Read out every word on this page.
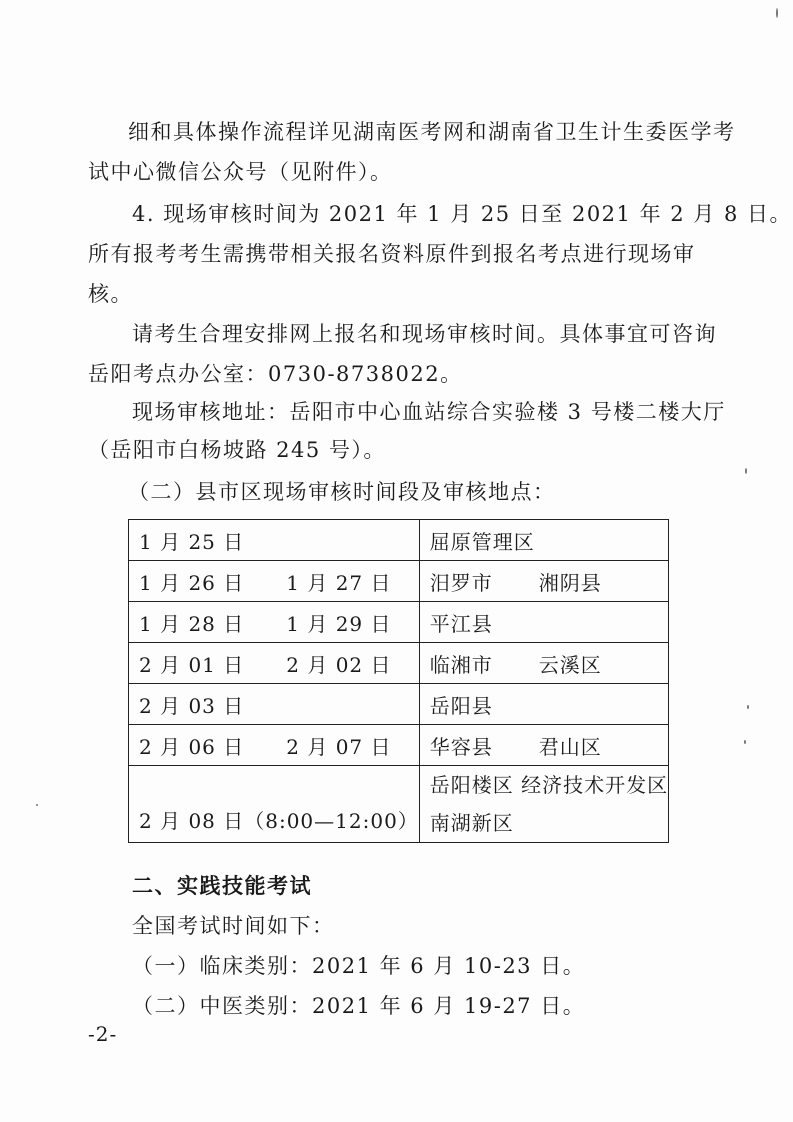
细和具体操作流程详见湖南医考网和湖南省卫生计生委医学考
试中心微信公众号（见附件）。
4. 现场审核时间为 2021 年 1 月 25 日至 2021 年 2 月 8 日。
所有报考考生需携带相关报名资料原件到报名考点进行现场审
核。
请考生合理安排网上报名和现场审核时间。具体事宜可咨询
岳阳考点办公室：0730-8738022。
现场审核地址：岳阳市中心血站综合实验楼 3 号楼二楼大厅
（岳阳市白杨坡路 245 号）。
（二）县市区现场审核时间段及审核地点：
1 月 25 日	屈原管理区
1 月 26 日 1 月 27 日	汨罗市 湘阴县
1 月 28 日 1 月 29 日	平江县
2 月 01 日 2 月 02 日	临湘市 云溪区
2 月 03 日	岳阳县
2 月 06 日 2 月 07 日	华容县 君山区
2 月 08 日（8:00—12:00）	岳阳楼区 经济技术开发区
南湖新区
二、实践技能考试
全国考试时间如下：
（一）临床类别：2021 年 6 月 10-23 日。
（二）中医类别：2021 年 6 月 19-27 日。
-2-
